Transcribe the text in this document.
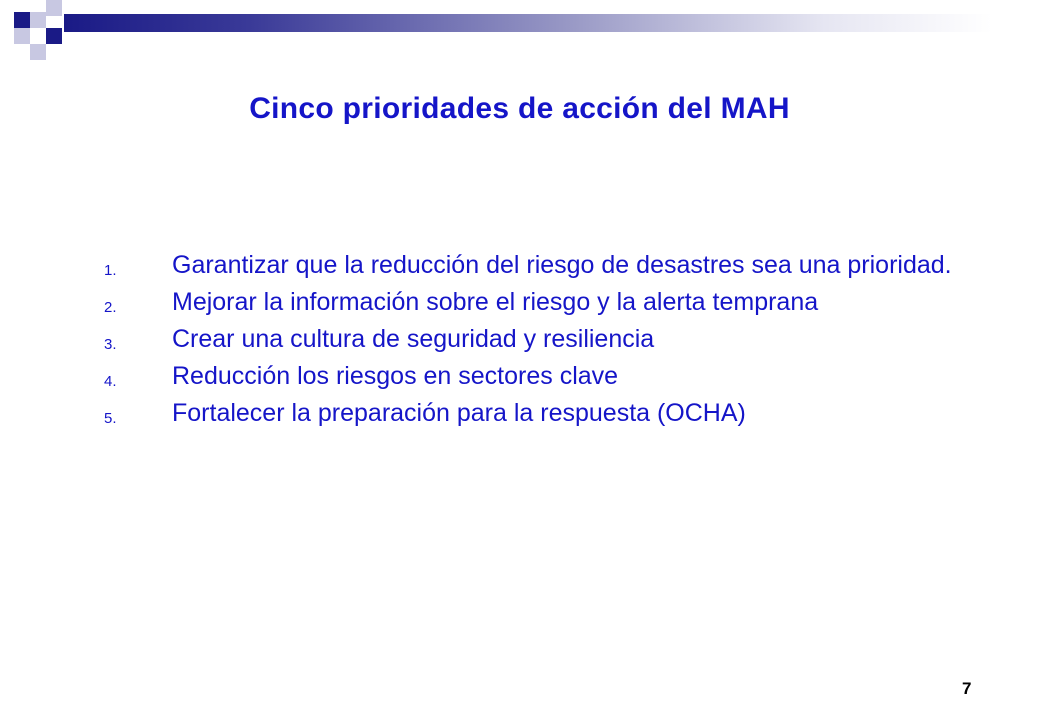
Cinco prioridades de acción del MAH
1.	Garantizar que la reducción del riesgo de desastres sea una prioridad.
2.	Mejorar la información sobre el riesgo y la alerta temprana
3.	Crear una cultura de seguridad y resiliencia
4.	Reducción los riesgos en sectores clave
5.	Fortalecer la preparación para la respuesta (OCHA)
7
